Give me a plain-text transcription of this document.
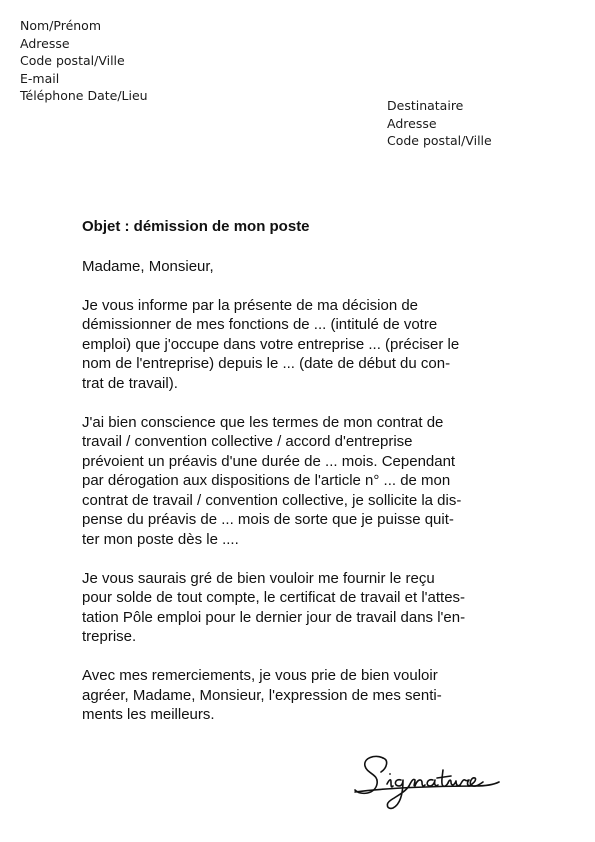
Nom/Prénom
Adresse
Code postal/Ville
E-mail
Téléphone Date/Lieu
Destinataire
Adresse
Code postal/Ville
Objet : démission de mon poste
Madame, Monsieur,
Je vous informe par la présente de ma décision de
démissionner de mes fonctions de ... (intitulé de votre
emploi) que j'occupe dans votre entreprise ... (préciser le
nom de l'entreprise) depuis le ... (date de début du con-
trat de travail).
J'ai bien conscience que les termes de mon contrat de
travail / convention collective / accord d'entreprise
prévoient un préavis d'une durée de ... mois. Cependant
par dérogation aux dispositions de l'article n° ... de mon
contrat de travail / convention collective, je sollicite la dis-
pense du préavis de ... mois de sorte que je puisse quit-
ter mon poste dès le ....
Je vous saurais gré de bien vouloir me fournir le reçu
pour solde de tout compte, le certificat de travail et l'attes-
tation Pôle emploi pour le dernier jour de travail dans l'en-
treprise.
Avec mes remerciements, je vous prie de bien vouloir
agréer, Madame, Monsieur, l'expression de mes senti-
ments les meilleurs.
